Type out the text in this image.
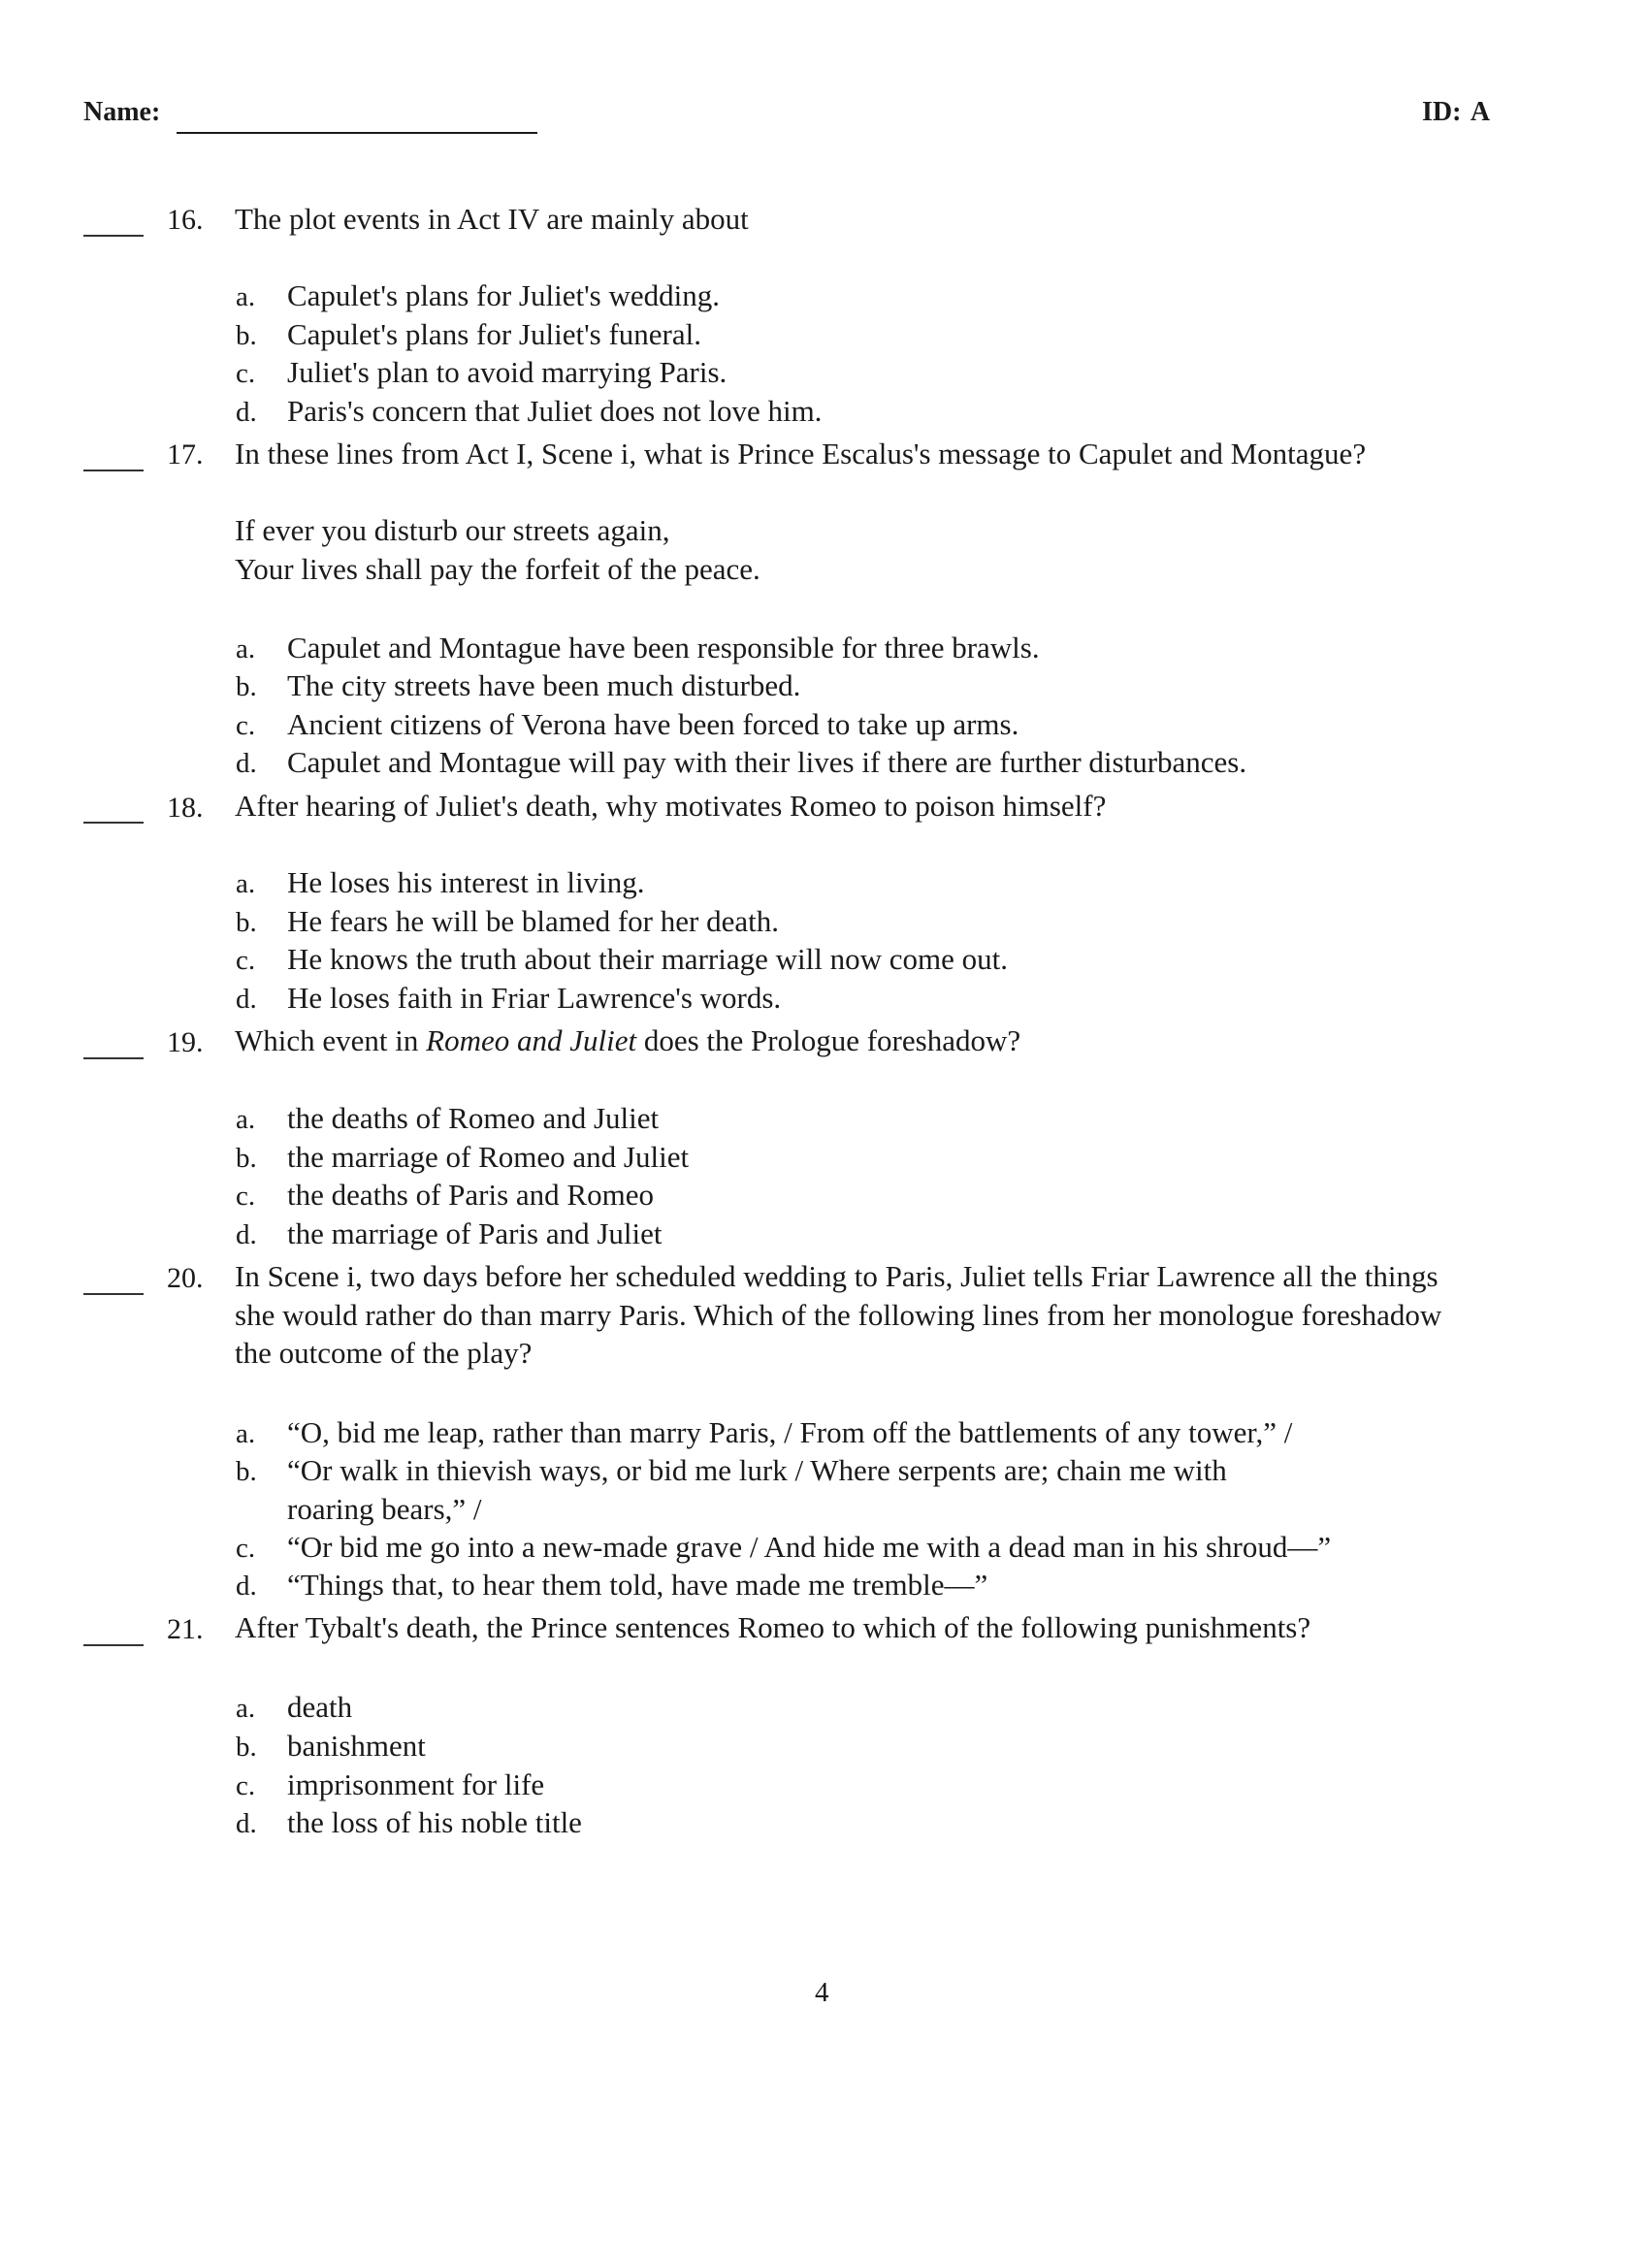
Name:	ID: A
16. The plot events in Act IV are mainly about
a. Capulet's plans for Juliet's wedding.
b. Capulet's plans for Juliet's funeral.
c. Juliet's plan to avoid marrying Paris.
d. Paris's concern that Juliet does not love him.
17. In these lines from Act I, Scene i, what is Prince Escalus's message to Capulet and Montague?
If ever you disturb our streets again,
Your lives shall pay the forfeit of the peace.
a. Capulet and Montague have been responsible for three brawls.
b. The city streets have been much disturbed.
c. Ancient citizens of Verona have been forced to take up arms.
d. Capulet and Montague will pay with their lives if there are further disturbances.
18. After hearing of Juliet's death, why motivates Romeo to poison himself?
a. He loses his interest in living.
b. He fears he will be blamed for her death.
c. He knows the truth about their marriage will now come out.
d. He loses faith in Friar Lawrence's words.
19. Which event in Romeo and Juliet does the Prologue foreshadow?
a. the deaths of Romeo and Juliet
b. the marriage of Romeo and Juliet
c. the deaths of Paris and Romeo
d. the marriage of Paris and Juliet
20. In Scene i, two days before her scheduled wedding to Paris, Juliet tells Friar Lawrence all the things
she would rather do than marry Paris. Which of the following lines from her monologue foreshadow
the outcome of the play?
a. “O, bid me leap, rather than marry Paris, / From off the battlements of any tower,” /
b. “Or walk in thievish ways, or bid me lurk / Where serpents are; chain me with
roaring bears,” /
c. “Or bid me go into a new-made grave / And hide me with a dead man in his shroud—”
d. “Things that, to hear them told, have made me tremble—”
21. After Tybalt's death, the Prince sentences Romeo to which of the following punishments?
a. death
b. banishment
c. imprisonment for life
d. the loss of his noble title
4
